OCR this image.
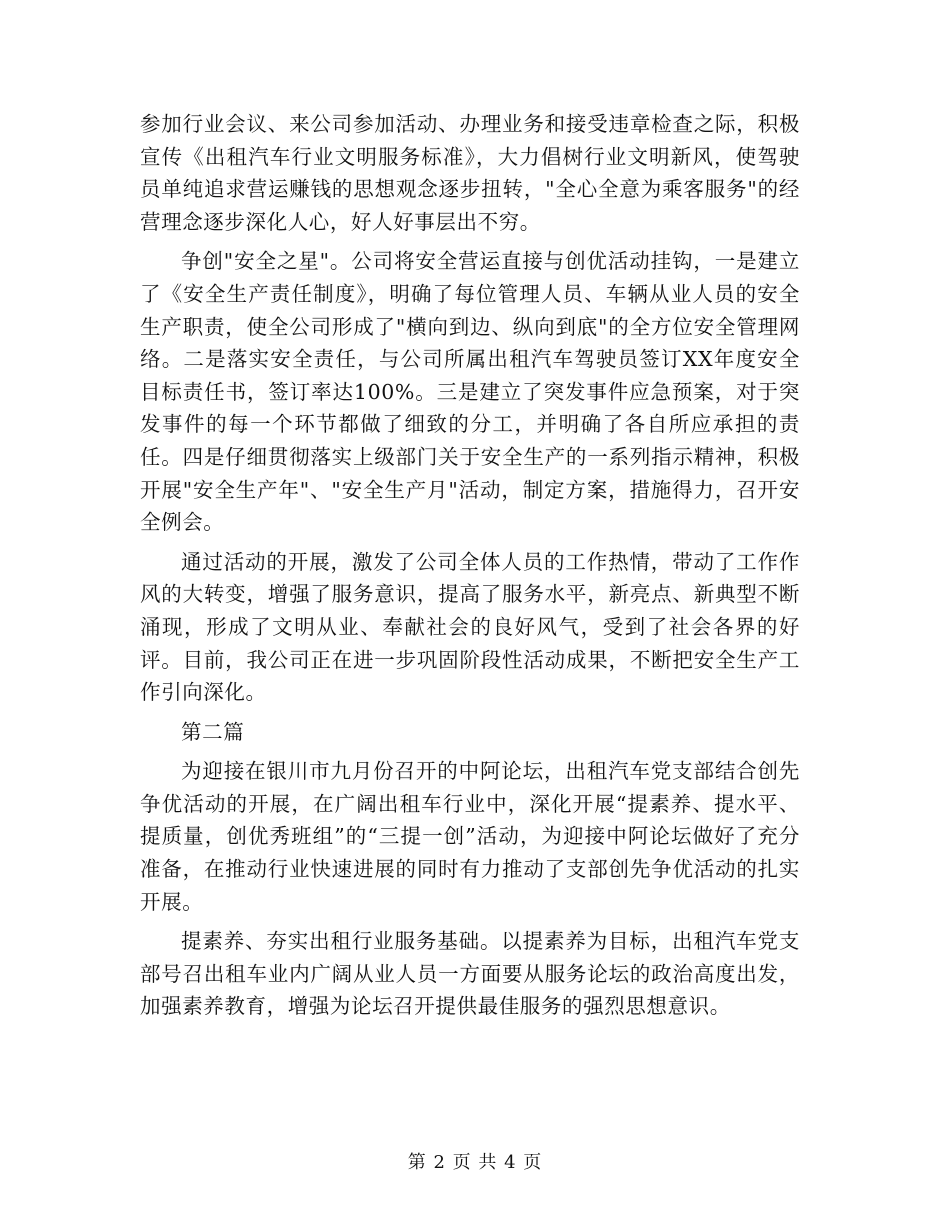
参加行业会议、来公司参加活动、办理业务和接受违章检查之际，积极宣传《出租汽车行业文明服务标准》，大力倡树行业文明新风，使驾驶员单纯追求营运赚钱的思想观念逐步扭转，"全心全意为乘客服务"的经营理念逐步深化人心，好人好事层出不穷。

争创"安全之星"。公司将安全营运直接与创优活动挂钩，一是建立了《安全生产责任制度》，明确了每位管理人员、车辆从业人员的安全生产职责，使全公司形成了"横向到边、纵向到底"的全方位安全管理网络。二是落实安全责任，与公司所属出租汽车驾驶员签订XX年度安全目标责任书，签订率达100%。三是建立了突发事件应急预案，对于突发事件的每一个环节都做了细致的分工，并明确了各自所应承担的责任。四是仔细贯彻落实上级部门关于安全生产的一系列指示精神，积极开展"安全生产年"、"安全生产月"活动，制定方案，措施得力，召开安全例会。

通过活动的开展，激发了公司全体人员的工作热情，带动了工作作风的大转变，增强了服务意识，提高了服务水平，新亮点、新典型不断涌现，形成了文明从业、奉献社会的良好风气，受到了社会各界的好评。目前，我公司正在进一步巩固阶段性活动成果，不断把安全生产工作引向深化。

第二篇

为迎接在银川市九月份召开的中阿论坛，出租汽车党支部结合创先争优活动的开展，在广阔出租车行业中，深化开展“提素养、提水平、提质量，创优秀班组”的“三提一创”活动，为迎接中阿论坛做好了充分准备，在推动行业快速进展的同时有力推动了支部创先争优活动的扎实开展。

提素养、夯实出租行业服务基础。以提素养为目标，出租汽车党支部号召出租车业内广阔从业人员一方面要从服务论坛的政治高度出发，加强素养教育，增强为论坛召开提供最佳服务的强烈思想意识。

第 2 页 共 4 页
